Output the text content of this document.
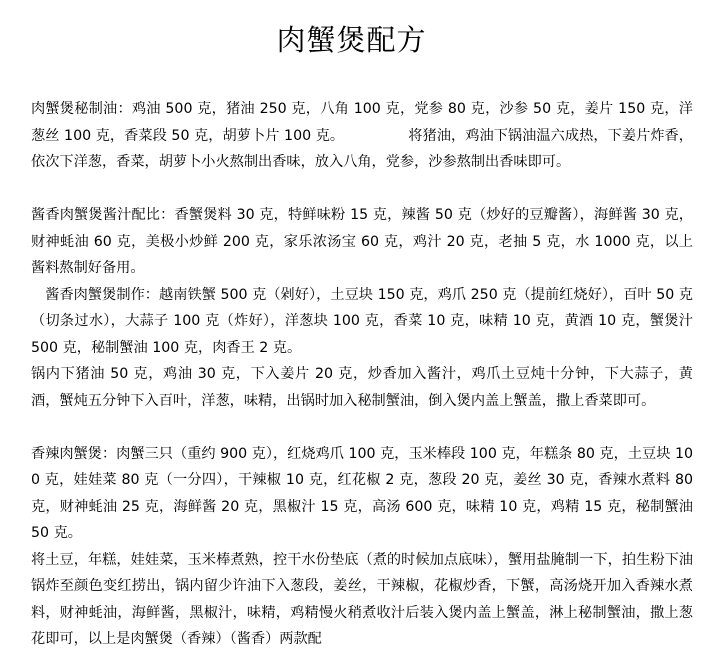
肉蟹煲配方

肉蟹煲秘制油：鸡油 500 克，猪油 250 克，八角 100 克，党参 80 克，沙参 50 克，姜片 150 克，洋葱丝 100 克，香菜段 50 克，胡萝卜片 100 克。　　　　　将猪油，鸡油下锅油温六成热，下姜片炸香，依次下洋葱，香菜，胡萝卜小火熬制出香味，放入八角，党参，沙参熬制出香味即可。

酱香肉蟹煲酱汁配比：香蟹煲料 30 克，特鲜味粉 15 克，辣酱 50 克（炒好的豆瓣酱），海鲜酱 30 克，财神蚝油 60 克，美极小炒鲜 200 克，家乐浓汤宝 60 克，鸡汁 20 克，老抽 5 克，水 1000 克，以上酱料熬制好备用。

　酱香肉蟹煲制作：越南铁蟹 500 克（剁好），土豆块 150 克，鸡爪 250 克（提前红烧好），百叶 50 克（切条过水），大蒜子 100 克（炸好），洋葱块 100 克，香菜 10 克，味精 10 克，黄酒 10 克，蟹煲汁 500 克，秘制蟹油 100 克，肉香王 2 克。

锅内下猪油 50 克，鸡油 30 克，下入姜片 20 克，炒香加入酱汁，鸡爪土豆炖十分钟，下大蒜子，黄酒，蟹炖五分钟下入百叶，洋葱，味精，出锅时加入秘制蟹油，倒入煲内盖上蟹盖，撒上香菜即可。

香辣肉蟹煲：肉蟹三只（重约 900 克），红烧鸡爪 100 克，玉米棒段 100 克，年糕条 80 克，土豆块 100 克，娃娃菜 80 克（一分四），干辣椒 10 克，红花椒 2 克，葱段 20 克，姜丝 30 克，香辣水煮料 80 克，财神蚝油 25 克，海鲜酱 20 克，黑椒汁 15 克，高汤 600 克，味精 10 克，鸡精 15 克，秘制蟹油 50 克。

将土豆，年糕，娃娃菜，玉米棒煮熟，控干水份垫底（煮的时候加点底味），蟹用盐腌制一下，拍生粉下油锅炸至颜色变红捞出，锅内留少许油下入葱段，姜丝，干辣椒，花椒炒香，下蟹，高汤烧开加入香辣水煮料，财神蚝油，海鲜酱，黑椒汁，味精，鸡精慢火稍煮收汁后装入煲内盖上蟹盖，淋上秘制蟹油，撒上葱花即可，以上是肉蟹煲（香辣）（酱香）两款配
